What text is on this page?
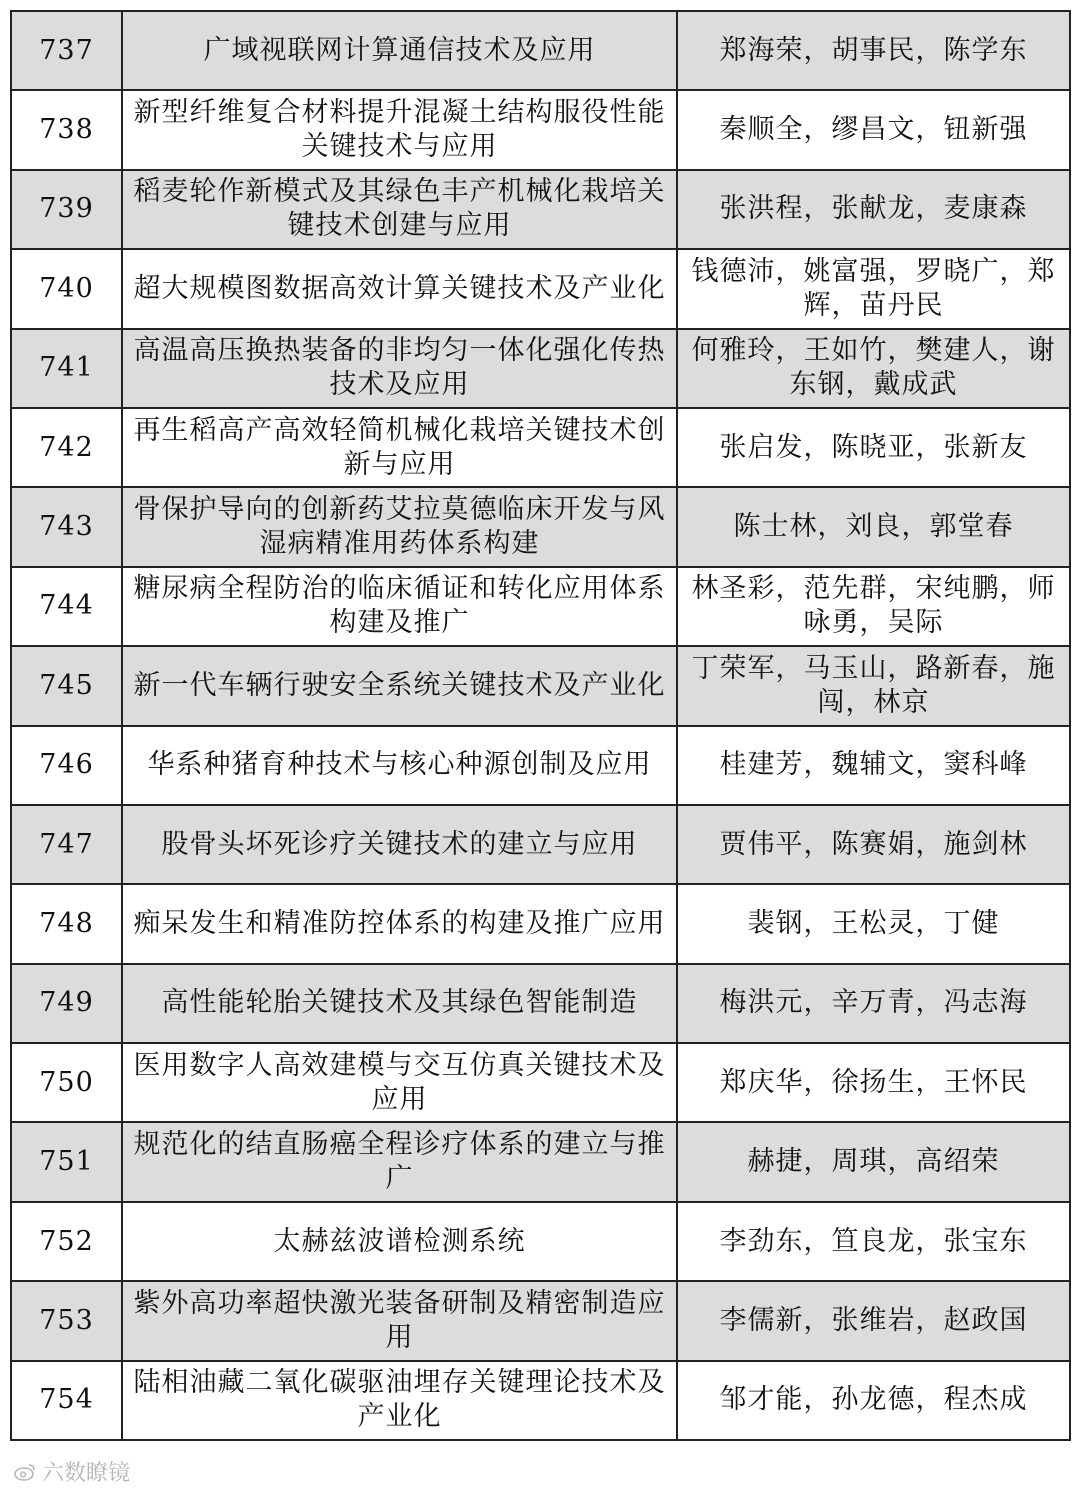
737	广域视联网计算通信技术及应用	郑海荣，胡事民，陈学东
738	新型纤维复合材料提升混凝土结构服役性能关键技术与应用	秦顺全，缪昌文，钮新强
739	稻麦轮作新模式及其绿色丰产机械化栽培关键技术创建与应用	张洪程，张献龙，麦康森
740	超大规模图数据高效计算关键技术及产业化	钱德沛，姚富强，罗晓广，郑辉，苗丹民
741	高温高压换热装备的非均匀一体化强化传热技术及应用	何雅玲，王如竹，樊建人，谢东钢，戴成武
742	再生稻高产高效轻简机械化栽培关键技术创新与应用	张启发，陈晓亚，张新友
743	骨保护导向的创新药艾拉莫德临床开发与风湿病精准用药体系构建	陈士林，刘良，郭堂春
744	糖尿病全程防治的临床循证和转化应用体系构建及推广	林圣彩，范先群，宋纯鹏，师咏勇，吴际
745	新一代车辆行驶安全系统关键技术及产业化	丁荣军，马玉山，路新春，施闯，林京
746	华系种猪育种技术与核心种源创制及应用	桂建芳，魏辅文，窦科峰
747	股骨头坏死诊疗关键技术的建立与应用	贾伟平，陈赛娟，施剑林
748	痴呆发生和精准防控体系的构建及推广应用	裴钢，王松灵，丁健
749	高性能轮胎关键技术及其绿色智能制造	梅洪元，辛万青，冯志海
750	医用数字人高效建模与交互仿真关键技术及应用	郑庆华，徐扬生，王怀民
751	规范化的结直肠癌全程诊疗体系的建立与推广	赫捷，周琪，高绍荣
752	太赫兹波谱检测系统	李劲东，笪良龙，张宝东
753	紫外高功率超快激光装备研制及精密制造应用	李儒新，张维岩，赵政国
754	陆相油藏二氧化碳驱油埋存关键理论技术及产业化	邹才能，孙龙德，程杰成
六数瞭镜
